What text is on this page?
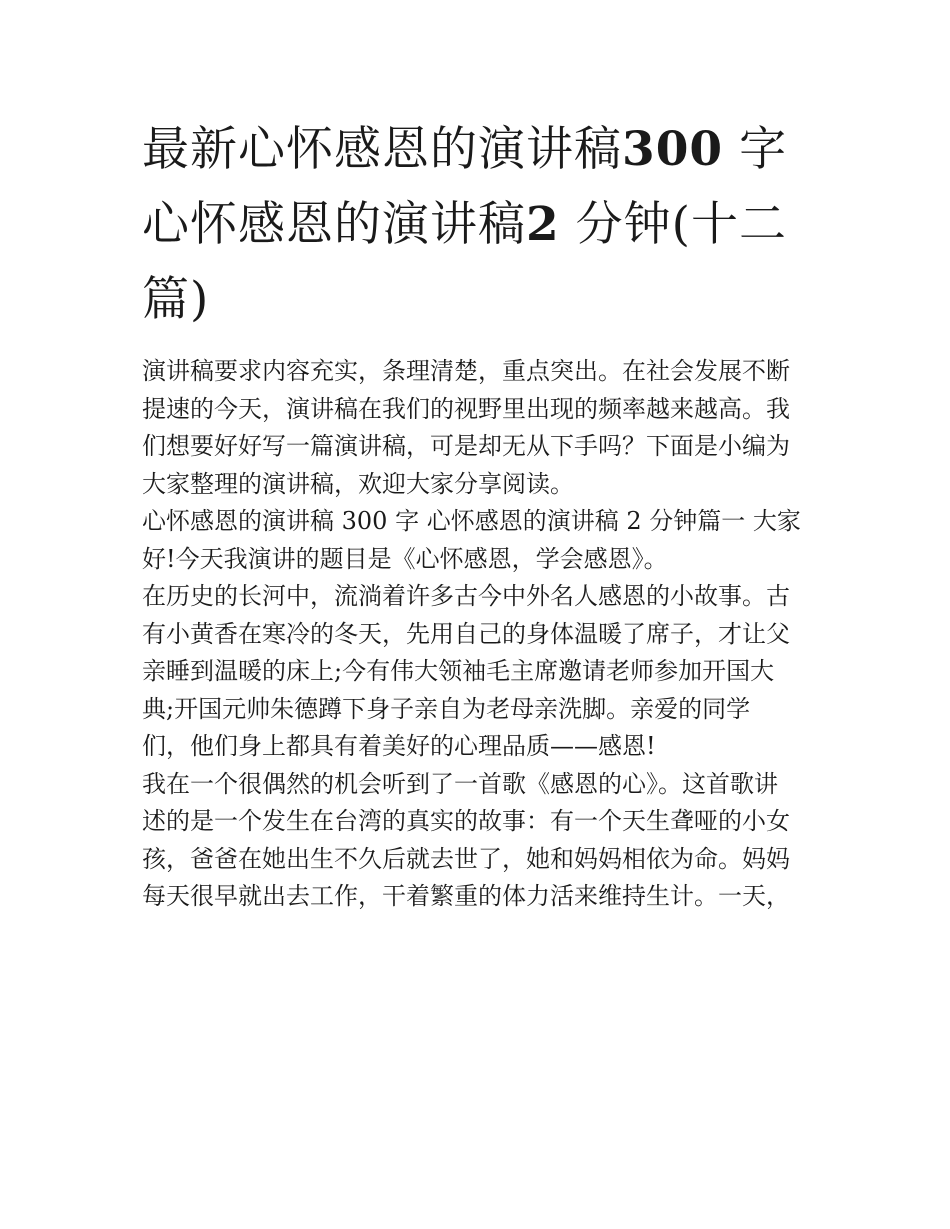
最新心怀感恩的演讲稿300 字
心怀感恩的演讲稿2 分钟(十二
篇)
演讲稿要求内容充实，条理清楚，重点突出。在社会发展不断
提速的今天，演讲稿在我们的视野里出现的频率越来越高。我
们想要好好写一篇演讲稿，可是却无从下手吗？下面是小编为
大家整理的演讲稿，欢迎大家分享阅读。
心怀感恩的演讲稿 300 字 心怀感恩的演讲稿 2 分钟篇一 大家
好!今天我演讲的题目是《心怀感恩，学会感恩》。
在历史的长河中，流淌着许多古今中外名人感恩的小故事。古
有小黄香在寒冷的冬天，先用自己的身体温暖了席子，才让父
亲睡到温暖的床上;今有伟大领袖毛主席邀请老师参加开国大
典;开国元帅朱德蹲下身子亲自为老母亲洗脚。亲爱的同学
们，他们身上都具有着美好的心理品质——感恩!
我在一个很偶然的机会听到了一首歌《感恩的心》。这首歌讲
述的是一个发生在台湾的真实的故事：有一个天生聋哑的小女
孩，爸爸在她出生不久后就去世了，她和妈妈相依为命。妈妈
每天很早就出去工作，干着繁重的体力活来维持生计。一天，
